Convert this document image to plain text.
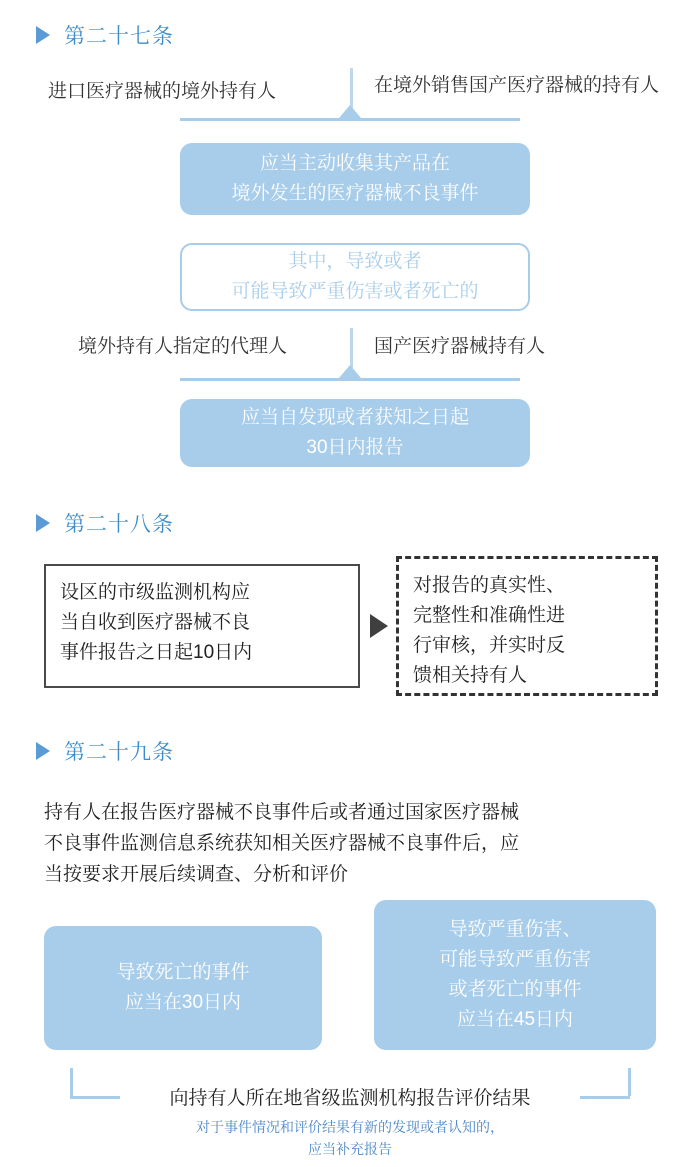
第二十七条
进口医疗器械的境外持有人	在境外销售国产医疗器械的持有人
应当主动收集其产品在
境外发生的医疗器械不良事件
其中，导致或者
可能导致严重伤害或者死亡的
境外持有人指定的代理人	国产医疗器械持有人
应当自发现或者获知之日起
30日内报告
第二十八条
设区的市级监测机构应
当自收到医疗器械不良
事件报告之日起10日内
对报告的真实性、
完整性和准确性进
行审核，并实时反
馈相关持有人
第二十九条
持有人在报告医疗器械不良事件后或者通过国家医疗器械
不良事件监测信息系统获知相关医疗器械不良事件后，应
当按要求开展后续调查、分析和评价
导致死亡的事件
应当在30日内
导致严重伤害、
可能导致严重伤害
或者死亡的事件
应当在45日内
向持有人所在地省级监测机构报告评价结果
对于事件情况和评价结果有新的发现或者认知的，
应当补充报告
